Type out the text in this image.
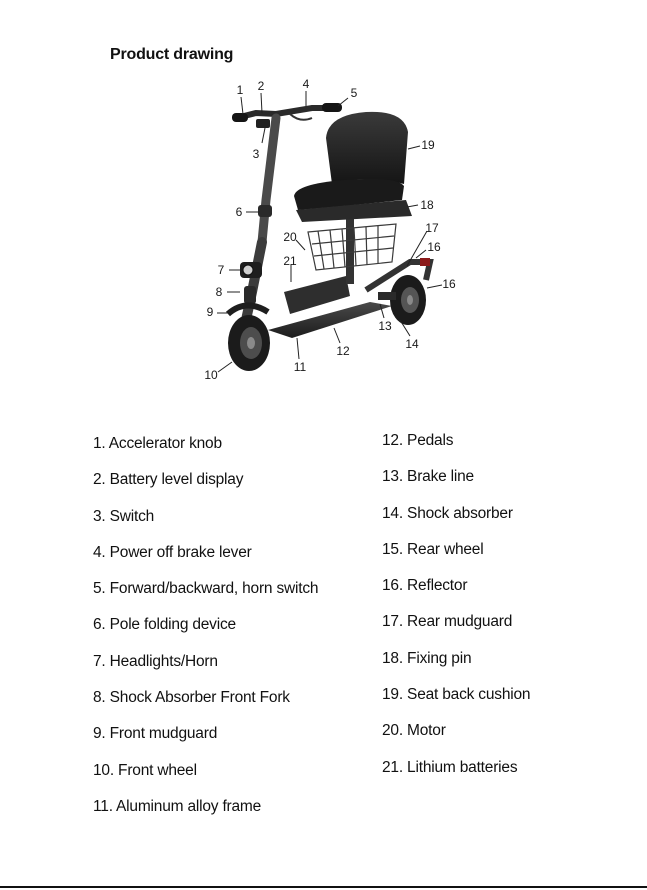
Product drawing
1 2
3
4
5
6
7
8
9
10
11
12
13
14
16
16
17
18
19
20
21
1. Accelerator knob
2. Battery level display
3. Switch
4. Power off brake lever
5. Forward/backward, horn switch
6. Pole folding device
7. Headlights/Horn
8. Shock Absorber Front Fork
9. Front mudguard
10. Front wheel
11. Aluminum alloy frame
12. Pedals
13. Brake line
14. Shock absorber
15. Rear wheel
16. Reflector
17. Rear mudguard
18. Fixing pin
19. Seat back cushion
20. Motor
21. Lithium batteries
